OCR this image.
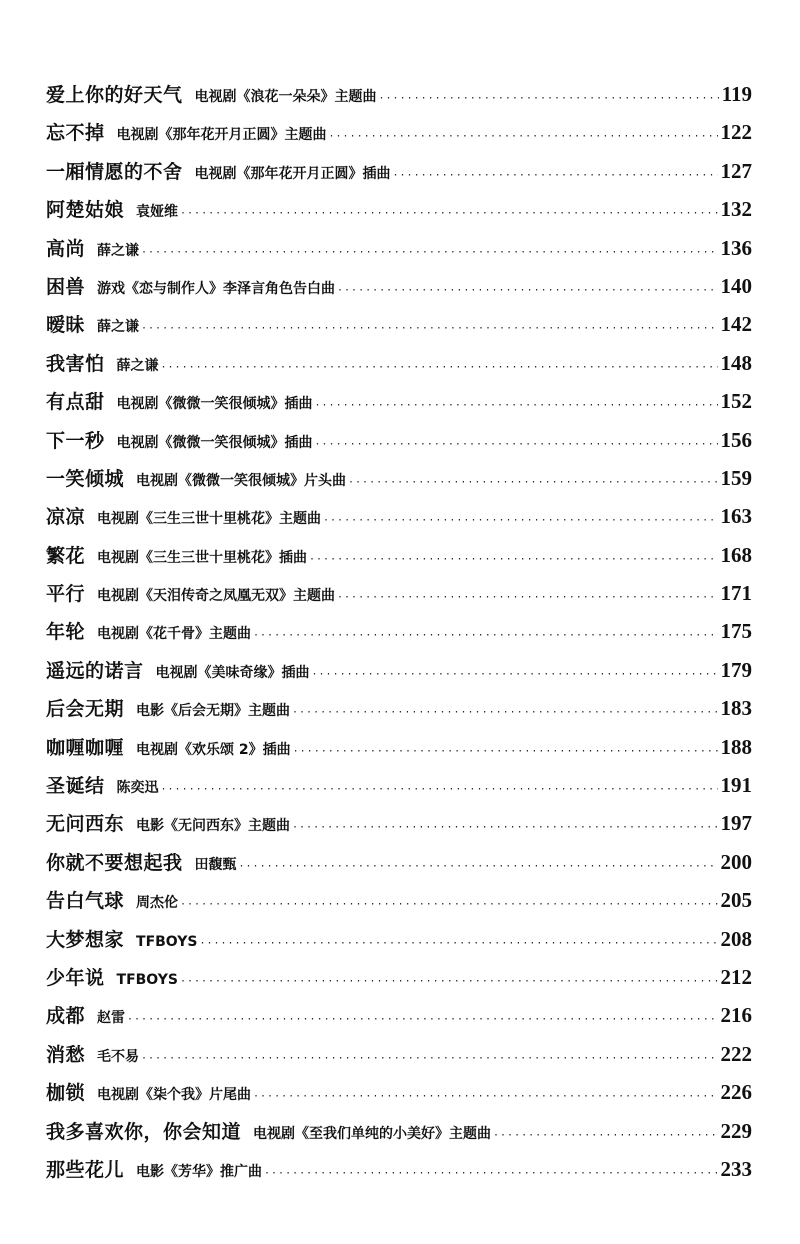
爱上你的好天气 电视剧《浪花一朵朵》主题曲 ·····	119
忘不掉 电视剧《那年花开月正圆》主题曲 ·····	122
一厢情愿的不舍 电视剧《那年花开月正圆》插曲 ·····	127
阿楚姑娘 袁娅维 ·····	132
高尚 薛之谦 ·····	136
困兽 游戏《恋与制作人》李泽言角色告白曲 ·····	140
暧昧 薛之谦 ·····	142
我害怕 薛之谦 ·····	148
有点甜 电视剧《微微一笑很倾城》插曲 ·····	152
下一秒 电视剧《微微一笑很倾城》插曲 ·····	156
一笑倾城 电视剧《微微一笑很倾城》片头曲 ·····	159
凉凉 电视剧《三生三世十里桃花》主题曲 ·····	163
繁花 电视剧《三生三世十里桃花》插曲 ·····	168
平行 电视剧《天泪传奇之凤凰无双》主题曲 ·····	171
年轮 电视剧《花千骨》主题曲 ·····	175
遥远的诺言 电视剧《美味奇缘》插曲 ·····	179
后会无期 电影《后会无期》主题曲 ·····	183
咖喱咖喱 电视剧《欢乐颂 2》插曲 ·····	188
圣诞结 陈奕迅 ·····	191
无问西东 电影《无问西东》主题曲 ·····	197
你就不要想起我 田馥甄 ·····	200
告白气球 周杰伦 ·····	205
大梦想家 TFBOYS ·····	208
少年说 TFBOYS ·····	212
成都 赵雷 ·····	216
消愁 毛不易 ·····	222
枷锁 电视剧《柒个我》片尾曲 ·····	226
我多喜欢你，你会知道 电视剧《至我们单纯的小美好》主题曲 ·····	229
那些花儿 电影《芳华》推广曲 ·····	233
